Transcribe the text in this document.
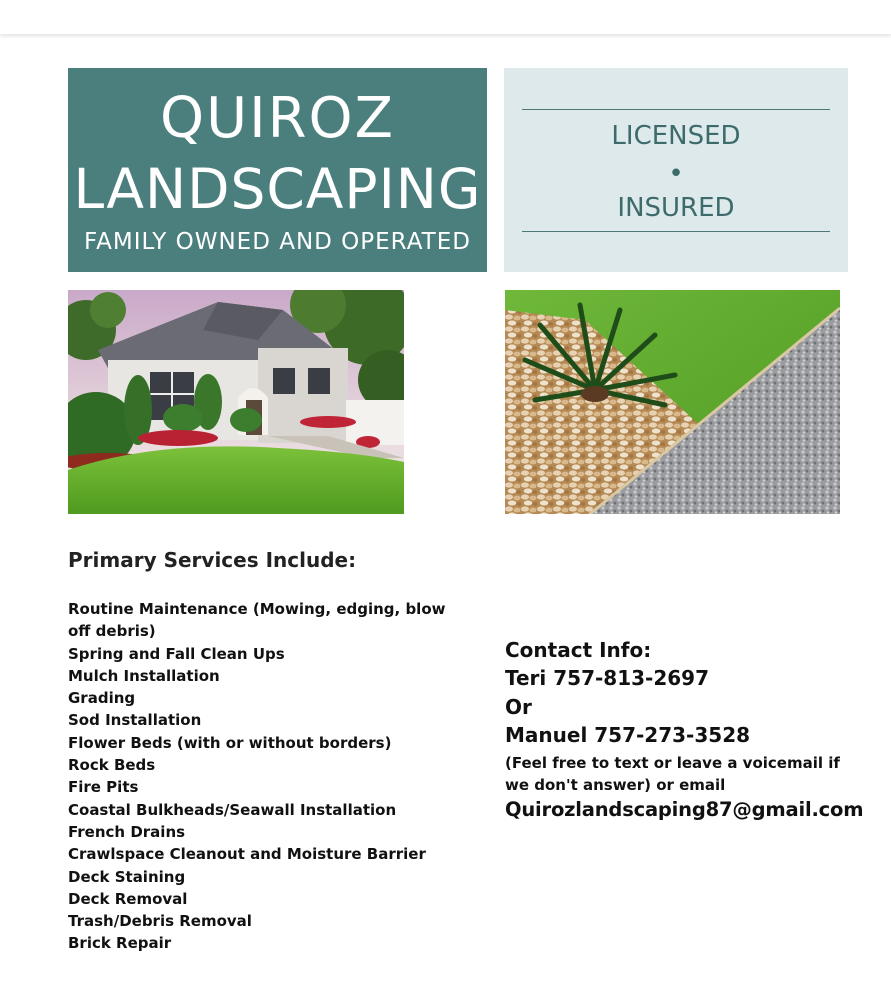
QUIROZ
LANDSCAPING
FAMILY OWNED AND OPERATED
LICENSED
•
INSURED
Primary Services Include:
Routine Maintenance (Mowing, edging, blow off debris)
Spring and Fall Clean Ups
Mulch Installation
Grading
Sod Installation
Flower Beds (with or without borders)
Rock Beds
Fire Pits
Coastal Bulkheads/Seawall Installation
French Drains
Crawlspace Cleanout and Moisture Barrier
Deck Staining
Deck Removal
Trash/Debris Removal
Brick Repair
Contact Info:
Teri 757-813-2697
Or
Manuel 757-273-3528
(Feel free to text or leave a voicemail if we don't answer) or email
Quirozlandscaping87@gmail.com
